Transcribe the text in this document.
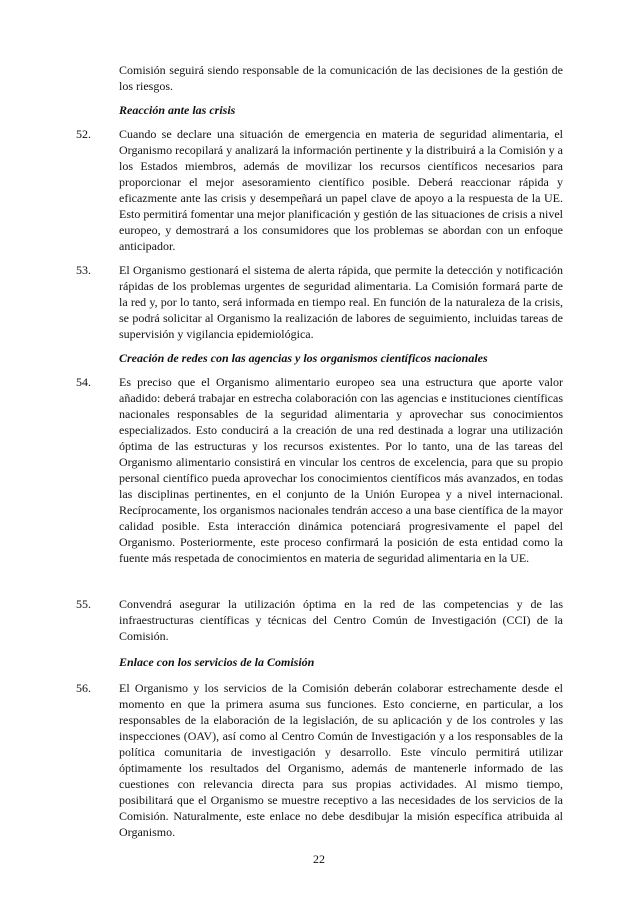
Comisión seguirá siendo responsable de la comunicación de las decisiones de la gestión de los riesgos.

Reacción ante las crisis

52. Cuando se declare una situación de emergencia en materia de seguridad alimentaria, el Organismo recopilará y analizará la información pertinente y la distribuirá a la Comisión y a los Estados miembros, además de movilizar los recursos científicos necesarios para proporcionar el mejor asesoramiento científico posible. Deberá reaccionar rápida y eficazmente ante las crisis y desempeñará un papel clave de apoyo a la respuesta de la UE. Esto permitirá fomentar una mejor planificación y gestión de las situaciones de crisis a nivel europeo, y demostrará a los consumidores que los problemas se abordan con un enfoque anticipador.

53. El Organismo gestionará el sistema de alerta rápida, que permite la detección y notificación rápidas de los problemas urgentes de seguridad alimentaria. La Comisión formará parte de la red y, por lo tanto, será informada en tiempo real. En función de la naturaleza de la crisis, se podrá solicitar al Organismo la realización de labores de seguimiento, incluidas tareas de supervisión y vigilancia epidemiológica.

Creación de redes con las agencias y los organismos científicos nacionales

54. Es preciso que el Organismo alimentario europeo sea una estructura que aporte valor añadido: deberá trabajar en estrecha colaboración con las agencias e instituciones científicas nacionales responsables de la seguridad alimentaria y aprovechar sus conocimientos especializados. Esto conducirá a la creación de una red destinada a lograr una utilización óptima de las estructuras y los recursos existentes. Por lo tanto, una de las tareas del Organismo alimentario consistirá en vincular los centros de excelencia, para que su propio personal científico pueda aprovechar los conocimientos científicos más avanzados, en todas las disciplinas pertinentes, en el conjunto de la Unión Europea y a nivel internacional. Recíprocamente, los organismos nacionales tendrán acceso a una base científica de la mayor calidad posible. Esta interacción dinámica potenciará progresivamente el papel del Organismo. Posteriormente, este proceso confirmará la posición de esta entidad como la fuente más respetada de conocimientos en materia de seguridad alimentaria en la UE.

55. Convendrá asegurar la utilización óptima en la red de las competencias y de las infraestructuras científicas y técnicas del Centro Común de Investigación (CCI) de la Comisión.

Enlace con los servicios de la Comisión

56. El Organismo y los servicios de la Comisión deberán colaborar estrechamente desde el momento en que la primera asuma sus funciones. Esto concierne, en particular, a los responsables de la elaboración de la legislación, de su aplicación y de los controles y las inspecciones (OAV), así como al Centro Común de Investigación y a los responsables de la política comunitaria de investigación y desarrollo. Este vínculo permitirá utilizar óptimamente los resultados del Organismo, además de mantenerle informado de las cuestiones con relevancia directa para sus propias actividades. Al mismo tiempo, posibilitará que el Organismo se muestre receptivo a las necesidades de los servicios de la Comisión. Naturalmente, este enlace no debe desdibujar la misión específica atribuida al Organismo.

22
